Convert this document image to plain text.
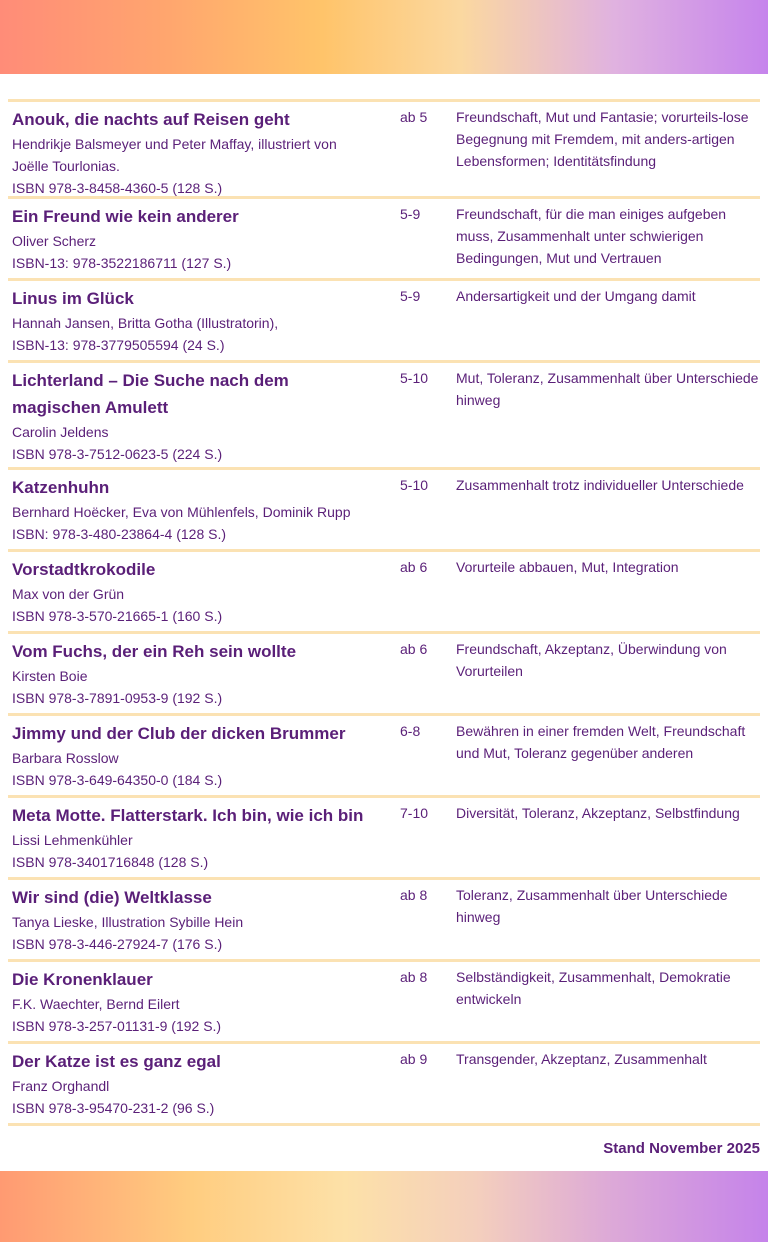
Anouk, die nachts auf Reisen geht
Hendrikje Balsmeyer und Peter Maffay, illustriert von
Joëlle Tourlonias.
ISBN 978-3-8458-4360-5 (128 S.)
ab 5	Freundschaft, Mut und Fantasie; vorurteils-lose Begegnung mit Fremdem, mit anders-artigen Lebensformen; Identitätsfindung
Ein Freund wie kein anderer
Oliver Scherz
ISBN-13: 978-3522186711 (127 S.)
5-9	Freundschaft, für die man einiges aufgeben muss, Zusammenhalt unter schwierigen Bedingungen, Mut und Vertrauen
Linus im Glück
Hannah Jansen, Britta Gotha (Illustratorin),
ISBN-13: 978-3779505594 (24 S.)
5-9	Andersartigkeit und der Umgang damit
Lichterland – Die Suche nach dem
magischen Amulett
Carolin Jeldens
ISBN 978-3-7512-0623-5 (224 S.)
5-10	Mut, Toleranz, Zusammenhalt über Unterschiede hinweg
Katzenhuhn
Bernhard Hoëcker, Eva von Mühlenfels, Dominik Rupp
ISBN: 978-3-480-23864-4 (128 S.)
5-10	Zusammenhalt trotz individueller Unterschiede
Vorstadtkrokodile
Max von der Grün
ISBN 978-3-570-21665-1 (160 S.)
ab 6	Vorurteile abbauen, Mut, Integration
Vom Fuchs, der ein Reh sein wollte
Kirsten Boie
ISBN 978-3-7891-0953-9 (192 S.)
ab 6	Freundschaft, Akzeptanz, Überwindung von Vorurteilen
Jimmy und der Club der dicken Brummer
Barbara Rosslow
ISBN 978-3-649-64350-0 (184 S.)
6-8	Bewähren in einer fremden Welt, Freundschaft und Mut, Toleranz gegenüber anderen
Meta Motte. Flatterstark. Ich bin, wie ich bin
Lissi Lehmenkühler
ISBN 978-3401716848 (128 S.)
7-10	Diversität, Toleranz, Akzeptanz, Selbstfindung
Wir sind (die) Weltklasse
Tanya Lieske, Illustration Sybille Hein
ISBN 978-3-446-27924-7 (176 S.)
ab 8	Toleranz, Zusammenhalt über Unterschiede hinweg
Die Kronenklauer
F.K. Waechter, Bernd Eilert
ISBN 978-3-257-01131-9 (192 S.)
ab 8	Selbständigkeit, Zusammenhalt, Demokratie entwickeln
Der Katze ist es ganz egal
Franz Orghandl
ISBN 978-3-95470-231-2 (96 S.)
ab 9	Transgender, Akzeptanz, Zusammenhalt
Stand November 2025
